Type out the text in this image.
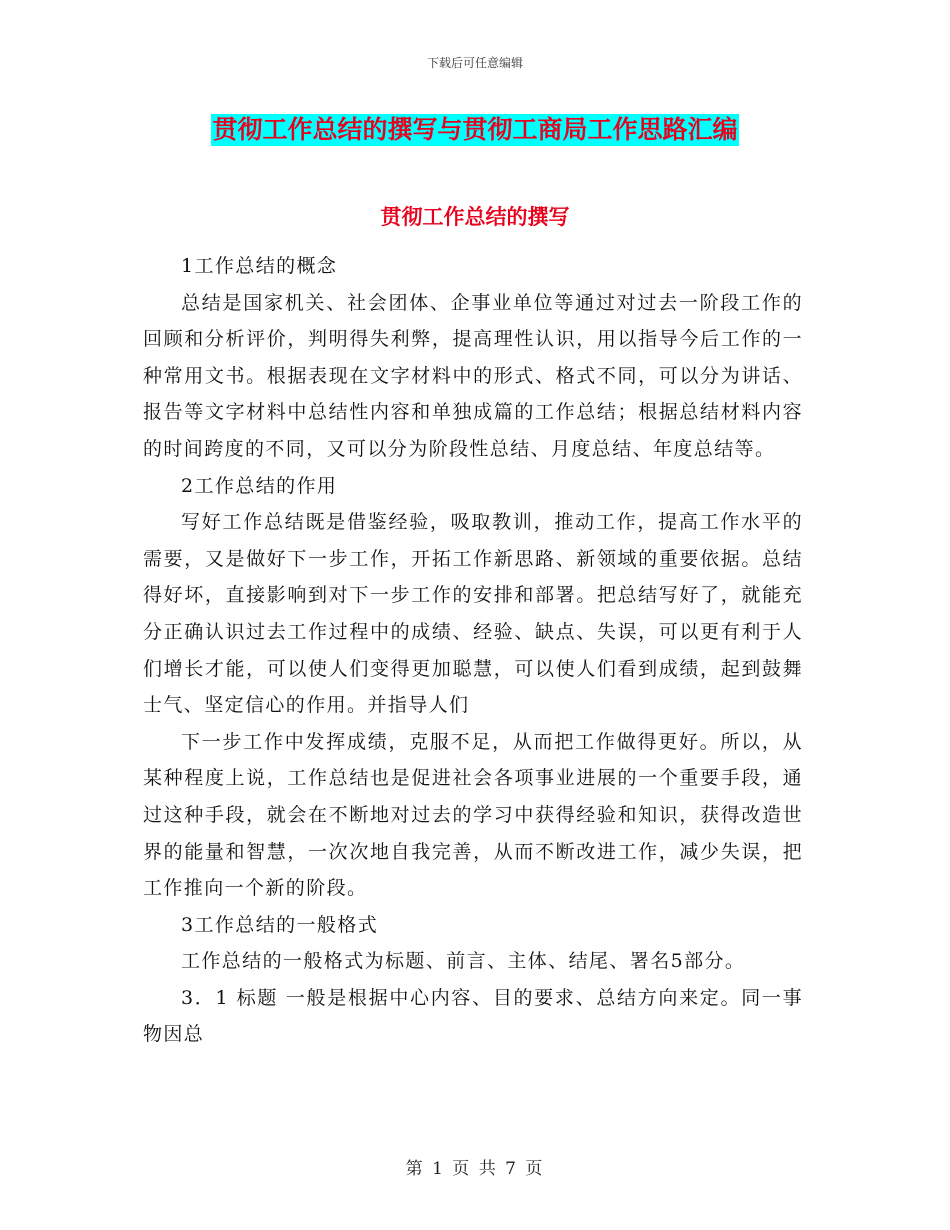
下载后可任意编辑
贯彻工作总结的撰写与贯彻工商局工作思路汇编
贯彻工作总结的撰写

1工作总结的概念

总结是国家机关、社会团体、企事业单位等通过对过去一阶段工作的回顾和分析评价，判明得失利弊，提高理性认识，用以指导今后工作的一种常用文书。根据表现在文字材料中的形式、格式不同，可以分为讲话、报告等文字材料中总结性内容和单独成篇的工作总结；根据总结材料内容的时间跨度的不同，又可以分为阶段性总结、月度总结、年度总结等。

2工作总结的作用

写好工作总结既是借鉴经验，吸取教训，推动工作，提高工作水平的需要，又是做好下一步工作，开拓工作新思路、新领域的重要依据。总结得好坏，直接影响到对下一步工作的安排和部署。把总结写好了，就能充分正确认识过去工作过程中的成绩、经验、缺点、失误，可以更有利于人们增长才能，可以使人们变得更加聪慧，可以使人们看到成绩，起到鼓舞士气、坚定信心的作用。并指导人们

下一步工作中发挥成绩，克服不足，从而把工作做得更好。所以，从某种程度上说，工作总结也是促进社会各项事业进展的一个重要手段，通过这种手段，就会在不断地对过去的学习中获得经验和知识，获得改造世界的能量和智慧，一次次地自我完善，从而不断改进工作，减少失误，把工作推向一个新的阶段。

3工作总结的一般格式

工作总结的一般格式为标题、前言、主体、结尾、署名5部分。

3．1 标题 一般是根据中心内容、目的要求、总结方向来定。同一事物因总

第 1 页 共 7 页
